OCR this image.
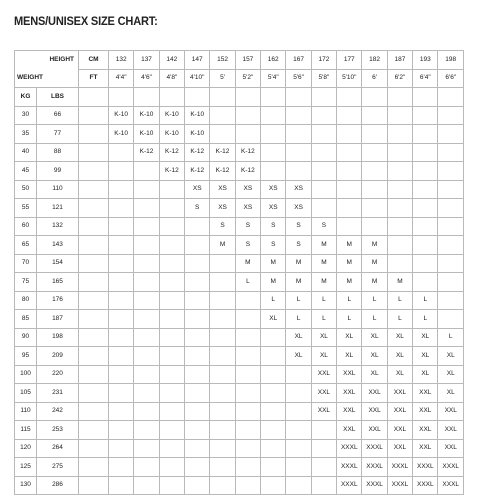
MENS/UNISEX SIZE CHART:
HEIGHT		CM	132	137	142	147	152	157	162	167	172	177	182	187	193	198
WEIGHT		FT	4'4"	4'6"	4'8"	4'10"	5'	5'2"	5'4"	5'6"	5'8"	5'10"	6'	6'2"	6'4"	6'6"
KG	LBS															
30	66		K-10	K-10	K-10	K-10										
35	77		K-10	K-10	K-10	K-10										
40	88			K-12	K-12	K-12	K-12	K-12								
45	99				K-12	K-12	K-12	K-12								
50	110					XS	XS	XS	XS	XS						
55	121					S	XS	XS	XS	XS						
60	132						S	S	S	S	S					
65	143						M	S	S	S	M	M	M			
70	154							M	M	M	M	M	M			
75	165							L	M	M	M	M	M	M		
80	176								L	L	L	L	L	L	L	
85	187								XL	L	L	L	L	L	L	
90	198									XL	XL	XL	XL	XL	XL	L
95	209									XL	XL	XL	XL	XL	XL	XL
100	220										XXL	XXL	XL	XL	XL	XL
105	231										XXL	XXL	XXL	XXL	XXL	XL
110	242										XXL	XXL	XXL	XXL	XXL	XXL
115	253											XXL	XXL	XXL	XXL	XXL
120	264											XXXL	XXXL	XXL	XXL	XXL
125	275											XXXL	XXXL	XXXL	XXXL	XXXL
130	286											XXXL	XXXL	XXXL	XXXL	XXXL
